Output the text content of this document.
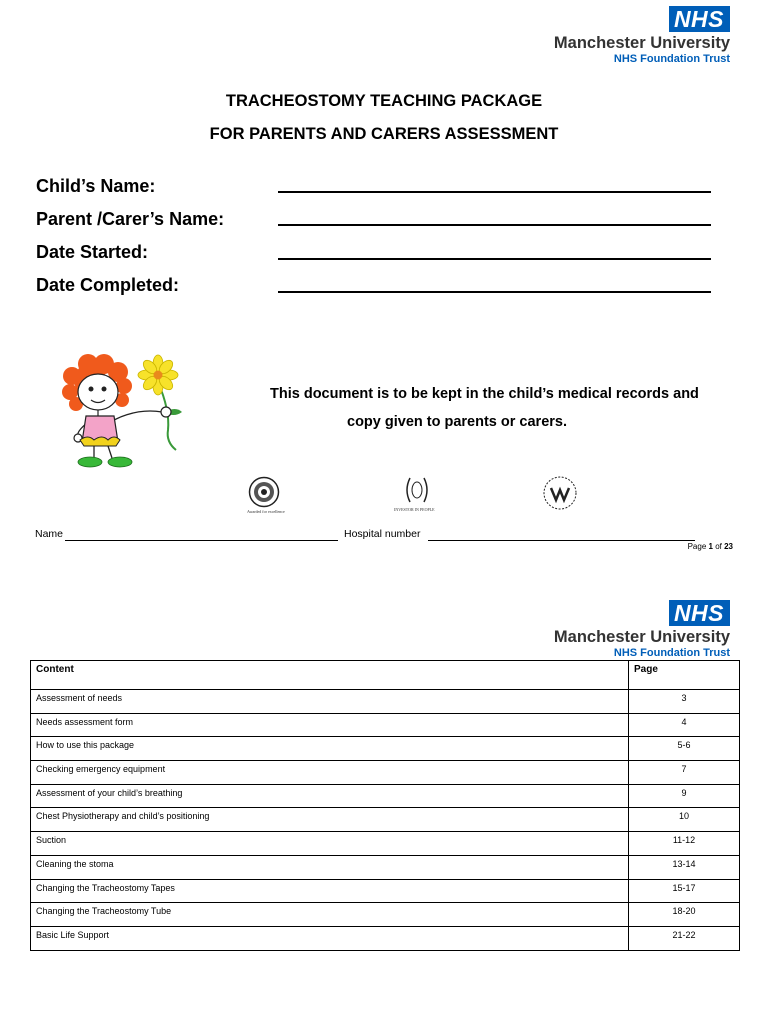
NHS
Manchester University
NHS Foundation Trust
TRACHEOSTOMY TEACHING PACKAGE
FOR PARENTS AND CARERS ASSESSMENT
Child’s Name:
Parent /Carer’s Name:
Date Started:
Date Completed:
This document is to be kept in the child’s medical records and
copy given to parents or carers.
Awarded for excellence	INVESTOR IN PEOPLE
Name	Hospital number
Page 1 of 23
NHS
Manchester University
NHS Foundation Trust
Content	Page
Assessment of needs	3
Needs assessment form	4
How to use this package	5-6
Checking emergency equipment	7
Assessment of your child’s breathing	9
Chest Physiotherapy and child’s positioning	10
Suction	11-12
Cleaning the stoma	13-14
Changing the Tracheostomy Tapes	15-17
Changing the Tracheostomy Tube	18-20
Basic Life Support	21-22
